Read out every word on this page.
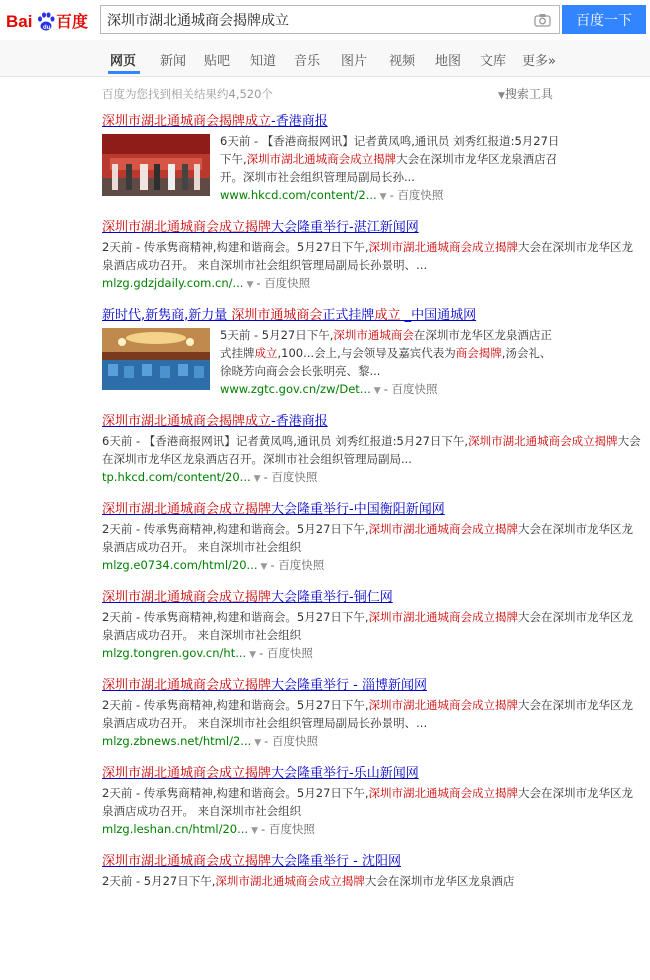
Bai du 百度
深圳市湖北通城商会揭牌成立	百度一下
网页 新闻 贴吧 知道 音乐 图片 视频 地图 文库 更多»
百度为您找到相关结果约4,520个	▼搜索工具
深圳市湖北通城商会揭牌成立-香港商报
6天前 - 【香港商报网讯】记者黄凤鸣,通讯员 刘秀红报道:5月27日下午,深圳市湖北通城商会成立揭牌大会在深圳市龙华区龙泉酒店召开。深圳市社会组织管理局副局长孙...
www.hkcd.com/content/2... ▼ - 百度快照
深圳市湖北通城商会成立揭牌大会隆重举行-湛江新闻网
2天前 - 传承隽商精神,构建和谐商会。5月27日下午,深圳市湖北通城商会成立揭牌大会在深圳市龙华区龙泉酒店成功召开。 来自深圳市社会组织管理局副局长孙景明、...
mlzg.gdzjdaily.com.cn/... ▼ - 百度快照
新时代,新隽商,新力量 深圳市通城商会正式挂牌成立 _中国通城网
5天前 - 5月27日下午,深圳市通城商会在深圳市龙华区龙泉酒店正式挂牌成立,100...会上,与会领导及嘉宾代表为商会揭牌,汤会礼、徐晓芳向商会会长张明亮、黎...
www.zgtc.gov.cn/zw/Det... ▼ - 百度快照
深圳市湖北通城商会揭牌成立-香港商报
6天前 - 【香港商报网讯】记者黄凤鸣,通讯员 刘秀红报道:5月27日下午,深圳市湖北通城商会成立揭牌大会在深圳市龙华区龙泉酒店召开。深圳市社会组织管理局副局...
tp.hkcd.com/content/20... ▼ - 百度快照
深圳市湖北通城商会成立揭牌大会隆重举行-中国衡阳新闻网
2天前 - 传承隽商精神,构建和谐商会。5月27日下午,深圳市湖北通城商会成立揭牌大会在深圳市龙华区龙泉酒店成功召开。 来自深圳市社会组织
mlzg.e0734.com/html/20... ▼ - 百度快照
深圳市湖北通城商会成立揭牌大会隆重举行-铜仁网
2天前 - 传承隽商精神,构建和谐商会。5月27日下午,深圳市湖北通城商会成立揭牌大会在深圳市龙华区龙泉酒店成功召开。 来自深圳市社会组织
mlzg.tongren.gov.cn/ht... ▼ - 百度快照
深圳市湖北通城商会成立揭牌大会隆重举行 - 淄博新闻网
2天前 - 传承隽商精神,构建和谐商会。5月27日下午,深圳市湖北通城商会成立揭牌大会在深圳市龙华区龙泉酒店成功召开。 来自深圳市社会组织管理局副局长孙景明、...
mlzg.zbnews.net/html/2... ▼ - 百度快照
深圳市湖北通城商会成立揭牌大会隆重举行-乐山新闻网
2天前 - 传承隽商精神,构建和谐商会。5月27日下午,深圳市湖北通城商会成立揭牌大会在深圳市龙华区龙泉酒店成功召开。 来自深圳市社会组织
mlzg.leshan.cn/html/20... ▼ - 百度快照
深圳市湖北通城商会成立揭牌大会隆重举行 - 沈阳网
2天前 - 5月27日下午,深圳市湖北通城商会成立揭牌大会在深圳市龙华区龙泉酒店
